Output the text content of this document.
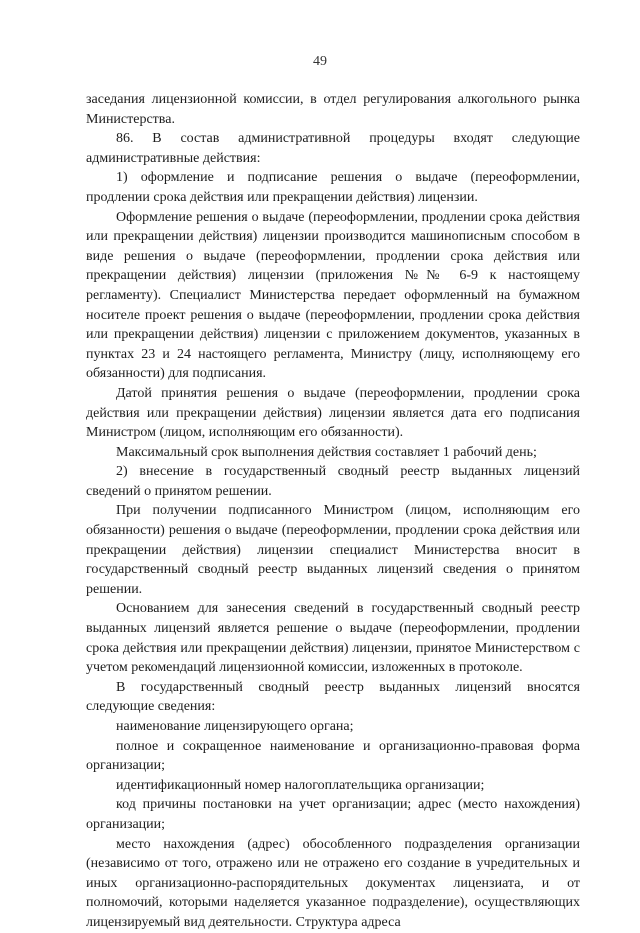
49

заседания лицензионной комиссии, в отдел регулирования алкогольного рынка Министерства.

86. В состав административной процедуры входят следующие административные действия:

1) оформление и подписание решения о выдаче (переоформлении, продлении срока действия или прекращении действия) лицензии.

Оформление решения о выдаче (переоформлении, продлении срока действия или прекращении действия) лицензии производится машинописным способом в виде решения о выдаче (переоформлении, продлении срока действия или прекращении действия) лицензии (приложения №№ 6-9 к настоящему регламенту). Специалист Министерства передает оформленный на бумажном носителе проект решения о выдаче (переоформлении, продлении срока действия или прекращении действия) лицензии с приложением документов, указанных в пунктах 23 и 24 настоящего регламента, Министру (лицу, исполняющему его обязанности) для подписания.

Датой принятия решения о выдаче (переоформлении, продлении срока действия или прекращении действия) лицензии является дата его подписания Министром (лицом, исполняющим его обязанности).

Максимальный срок выполнения действия составляет 1 рабочий день;

2) внесение в государственный сводный реестр выданных лицензий сведений о принятом решении.

При получении подписанного Министром (лицом, исполняющим его обязанности) решения о выдаче (переоформлении, продлении срока действия или прекращении действия) лицензии специалист Министерства вносит в государственный сводный реестр выданных лицензий сведения о принятом решении.

Основанием для занесения сведений в государственный сводный реестр выданных лицензий является решение о выдаче (переоформлении, продлении срока действия или прекращении действия) лицензии, принятое Министерством с учетом рекомендаций лицензионной комиссии, изложенных в протоколе.

В государственный сводный реестр выданных лицензий вносятся следующие сведения:

наименование лицензирующего органа;

полное и сокращенное наименование и организационно-правовая форма организации;

идентификационный номер налогоплательщика организации;

код причины постановки на учет организации; адрес (место нахождения) организации;

место нахождения (адрес) обособленного подразделения организации (независимо от того, отражено или не отражено его создание в учредительных и иных организационно-распорядительных документах лицензиата, и от полномочий, которыми наделяется указанное подразделение), осуществляющих лицензируемый вид деятельности. Структура адреса
